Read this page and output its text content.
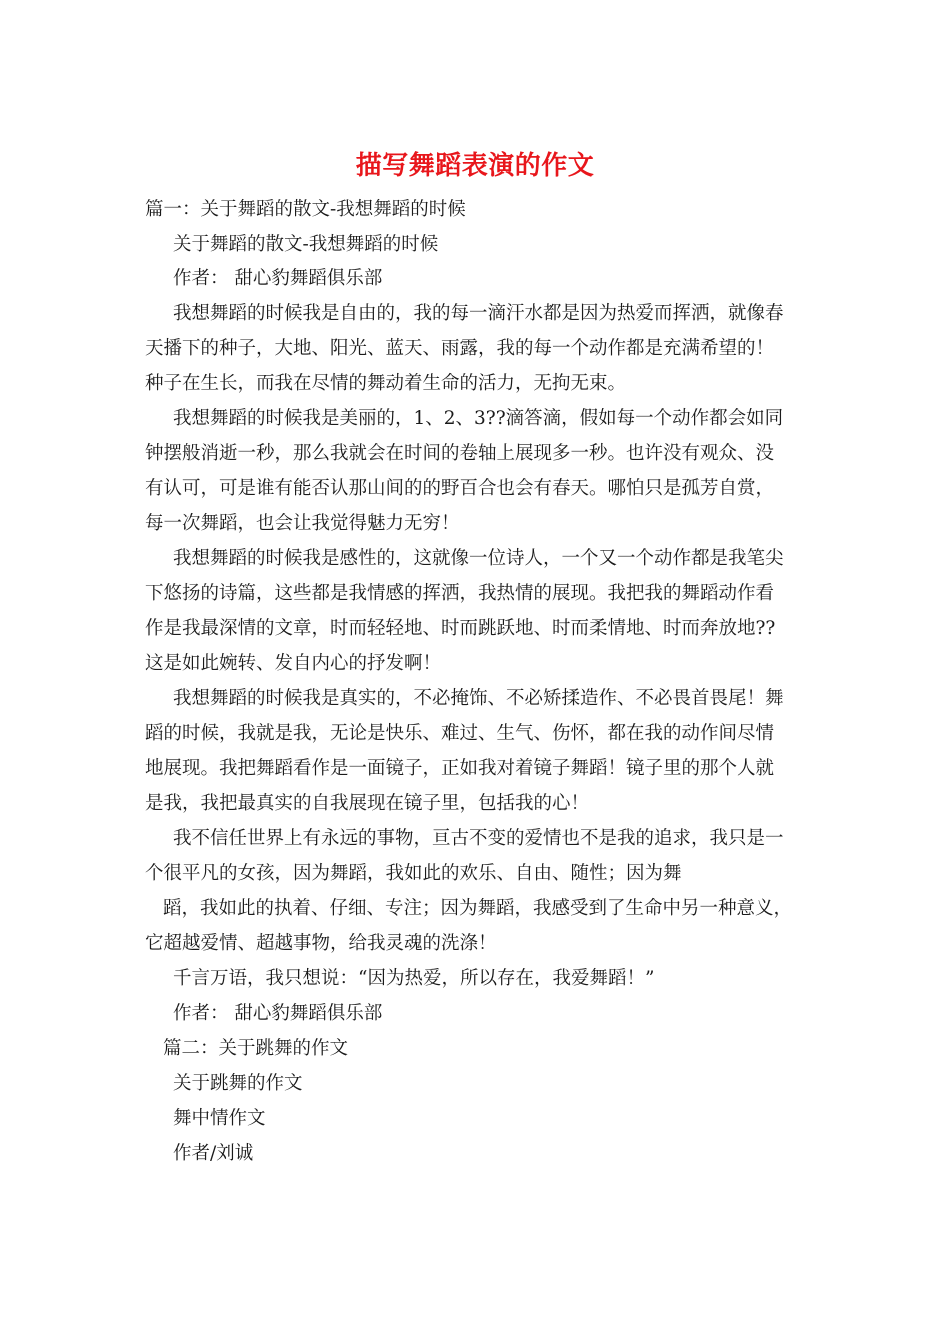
描写舞蹈表演的作文
篇一：关于舞蹈的散文-我想舞蹈的时候
关于舞蹈的散文-我想舞蹈的时候
作者： 甜心豹舞蹈俱乐部
我想舞蹈的时候我是自由的，我的每一滴汗水都是因为热爱而挥洒，就像春
天播下的种子，大地、阳光、蓝天、雨露，我的每一个动作都是充满希望的！
种子在生长，而我在尽情的舞动着生命的活力，无拘无束。
我想舞蹈的时候我是美丽的，1、2、3??滴答滴，假如每一个动作都会如同
钟摆般消逝一秒，那么我就会在时间的卷轴上展现多一秒。也许没有观众、没
有认可，可是谁有能否认那山间的的野百合也会有春天。哪怕只是孤芳自赏，
每一次舞蹈，也会让我觉得魅力无穷！
我想舞蹈的时候我是感性的，这就像一位诗人，一个又一个动作都是我笔尖
下悠扬的诗篇，这些都是我情感的挥洒，我热情的展现。我把我的舞蹈动作看
作是我最深情的文章，时而轻轻地、时而跳跃地、时而柔情地、时而奔放地??
这是如此婉转、发自内心的抒发啊！
我想舞蹈的时候我是真实的，不必掩饰、不必矫揉造作、不必畏首畏尾！舞
蹈的时候，我就是我，无论是快乐、难过、生气、伤怀，都在我的动作间尽情
地展现。我把舞蹈看作是一面镜子，正如我对着镜子舞蹈！镜子里的那个人就
是我，我把最真实的自我展现在镜子里，包括我的心！
我不信任世界上有永远的事物，亘古不变的爱情也不是我的追求，我只是一
个很平凡的女孩，因为舞蹈，我如此的欢乐、自由、随性；因为舞
蹈，我如此的执着、仔细、专注；因为舞蹈，我感受到了生命中另一种意义，
它超越爱情、超越事物，给我灵魂的洗涤！
千言万语，我只想说：“因为热爱，所以存在，我爱舞蹈！”
作者： 甜心豹舞蹈俱乐部
篇二：关于跳舞的作文
关于跳舞的作文
舞中情作文
作者/刘诚
